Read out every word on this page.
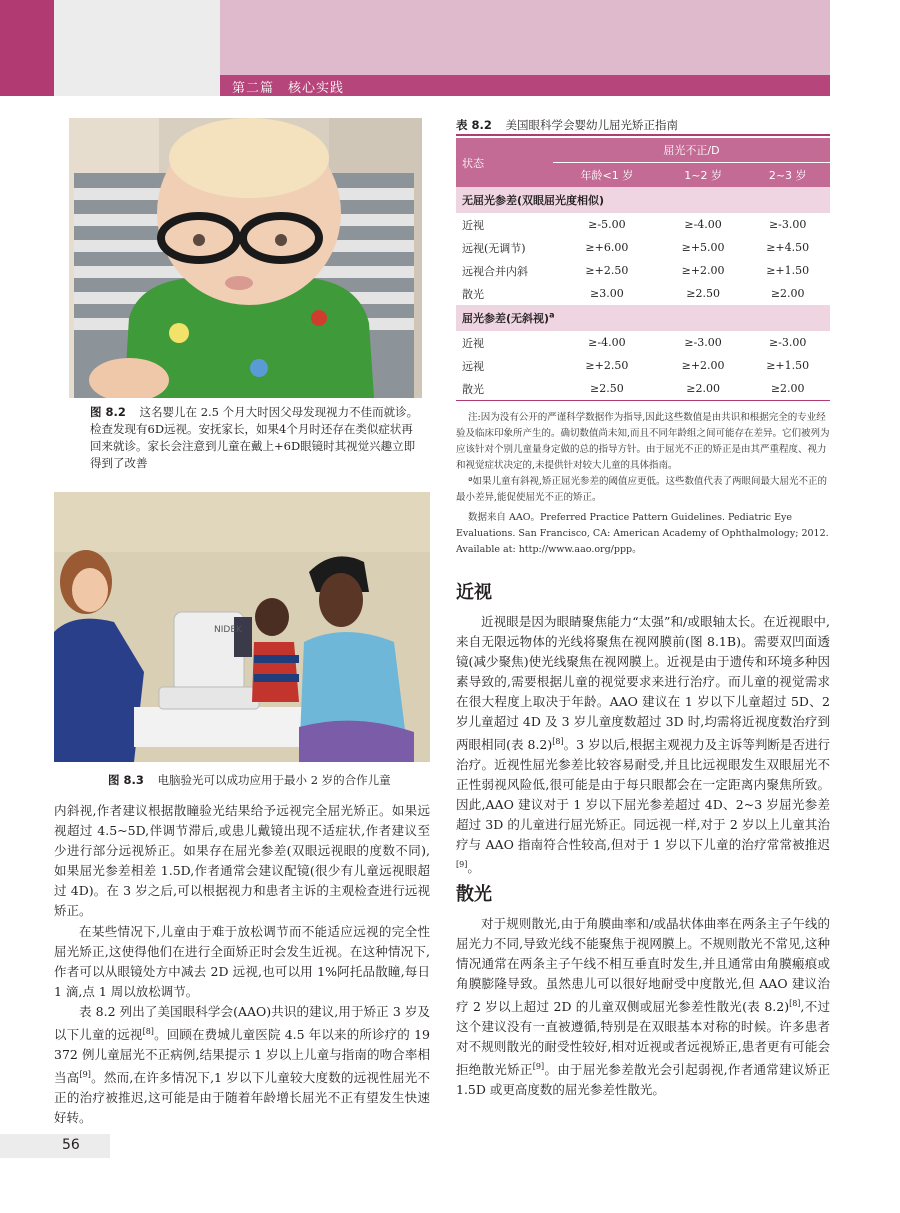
第二篇　核心实践
图 8.2 这名婴儿在 2.5 个月大时因父母发现视力不佳而就诊。检查发现有6D远视。安抚家长，如果4个月时还存在类似症状再回来就诊。家长会注意到儿童在戴上+6D眼镜时其视觉兴趣立即得到了改善
NIDEK
图 8.3 电脑验光可以成功应用于最小 2 岁的合作儿童
内斜视,作者建议根据散瞳验光结果给予远视完全屈光矫正。如果远视超过 4.5~5D,伴调节滞后,或患儿戴镜出现不适症状,作者建议至少进行部分远视矫正。如果存在屈光参差(双眼远视眼的度数不同),如果屈光参差相差 1.5D,作者通常会建议配镜(很少有儿童远视眼超过 4D)。在 3 岁之后,可以根据视力和患者主诉的主观检查进行远视矫正。
在某些情况下,儿童由于难于放松调节而不能适应远视的完全性屈光矫正,这使得他们在进行全面矫正时会发生近视。在这种情况下,作者可以从眼镜处方中减去 2D 远视,也可以用 1%阿托品散瞳,每日 1 滴,点 1 周以放松调节。
表 8.2 列出了美国眼科学会(AAO)共识的建议,用于矫正 3 岁及以下儿童的远视[8]。回顾在费城儿童医院 4.5 年以来的所诊疗的 19 372 例儿童屈光不正病例,结果提示 1 岁以上儿童与指南的吻合率相当高[9]。然而,在许多情况下,1 岁以下儿童较大度数的远视性屈光不正的治疗被推迟,这可能是由于随着年龄增长屈光不正有望发生快速好转。
表 8.2 美国眼科学会婴幼儿屈光矫正指南
状态	屈光不正/D		
	年龄<1 岁	1~2 岁	2~3 岁
无屈光参差(双眼屈光度相似)			
近视	≥-5.00	≥-4.00	≥-3.00
远视(无调节)	≥+6.00	≥+5.00	≥+4.50
远视合并内斜	≥+2.50	≥+2.00	≥+1.50
散光	≥3.00	≥2.50	≥2.00
屈光参差(无斜视)$^a$
近视	≥-4.00	≥-3.00	≥-3.00
远视	≥+2.50	≥+2.00	≥+1.50
散光	≥2.50	≥2.00	≥2.00
注:因为没有公开的严谨科学数据作为指导,因此这些数值是由共识和根据完全的专业经验及临床印象所产生的。确切数值尚未知,而且不同年龄组之间可能存在差异。它们被列为应该针对个别儿童量身定做的总的指导方针。由于屈光不正的矫正是由其严重程度、视力和视觉症状决定的,未提供针对较大儿童的具体指南。
ª如果儿童有斜视,矫正屈光参差的阈值应更低。这些数值代表了两眼间最大屈光不正的最小差异,能促使屈光不正的矫正。
数据来自 AAO。Preferred Practice Pattern Guidelines. Pediatric Eye Evaluations. San Francisco, CA: American Academy of Ophthalmology; 2012. Available at: http://www.aao.org/ppp。
近视
近视眼是因为眼睛聚焦能力“太强”和/或眼轴太长。在近视眼中,来自无限远物体的光线将聚焦在视网膜前(图 8.1B)。需要双凹面透镜(减少聚焦)使光线聚焦在视网膜上。近视是由于遗传和环境多种因素导致的,需要根据儿童的视觉要求来进行治疗。而儿童的视觉需求在很大程度上取决于年龄。AAO 建议在 1 岁以下儿童超过 5D、2 岁儿童超过 4D 及 3 岁儿童度数超过 3D 时,均需将近视度数治疗到两眼相同(表 8.2)[8]。3 岁以后,根据主观视力及主诉等判断是否进行治疗。近视性屈光参差比较容易耐受,并且比远视眼发生双眼屈光不正性弱视风险低,很可能是由于每只眼都会在一定距离内聚焦所致。因此,AAO 建议对于 1 岁以下屈光参差超过 4D、2~3 岁屈光参差超过 3D 的儿童进行屈光矫正。同远视一样,对于 2 岁以上儿童其治疗与 AAO 指南符合性较高,但对于 1 岁以下儿童的治疗常常被推迟[9]。
散光
对于规则散光,由于角膜曲率和/或晶状体曲率在两条主子午线的屈光力不同,导致光线不能聚焦于视网膜上。不规则散光不常见,这种情况通常在两条主子午线不相互垂直时发生,并且通常由角膜瘢痕或角膜膨隆导致。虽然患儿可以很好地耐受中度散光,但 AAO 建议治疗 2 岁以上超过 2D 的儿童双侧或屈光参差性散光(表 8.2)[8],不过这个建议没有一直被遵循,特别是在双眼基本对称的时候。许多患者对不规则散光的耐受性较好,相对近视或者远视矫正,患者更有可能会拒绝散光矫正[9]。由于屈光参差散光会引起弱视,作者通常建议矫正 1.5D 或更高度数的屈光参差性散光。
56
